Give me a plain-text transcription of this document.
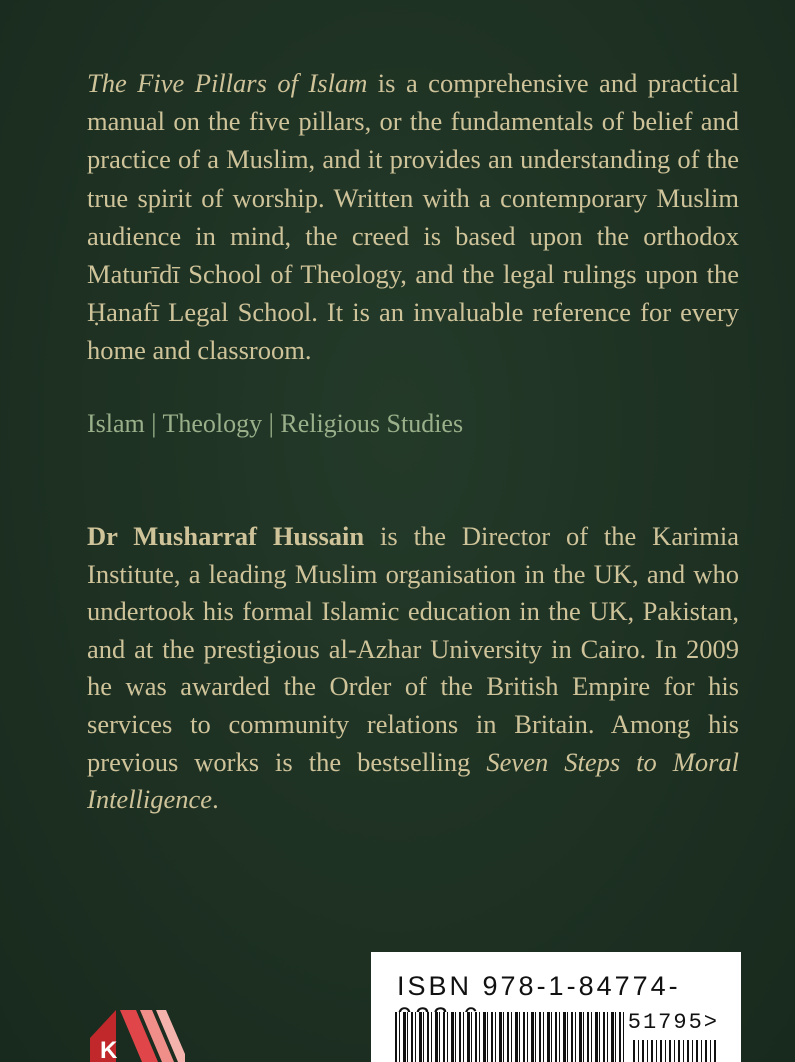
The Five Pillars of Islam is a comprehensive and practical manual on the five pillars, or the fundamentals of belief and practice of a Muslim, and it provides an understanding of the true spirit of worship. Written with a contemporary Muslim audience in mind, the creed is based upon the orthodox Maturīdī School of Theology, and the legal rulings upon the Ḥanafī Legal School. It is an invaluable reference for every home and classroom.

Islam | Theology | Religious Studies

Dr Musharraf Hussain is the Director of the Karimia Institute, a leading Muslim organisation in the UK, and who undertook his formal Islamic education in the UK, Pakistan, and at the prestigious al-Azhar University in Cairo. In 2009 he was awarded the Order of the British Empire for his services to community relations in Britain. Among his previous works is the bestselling Seven Steps to Moral Intelligence.

ISBN 978-1-84774-
51795>
K
